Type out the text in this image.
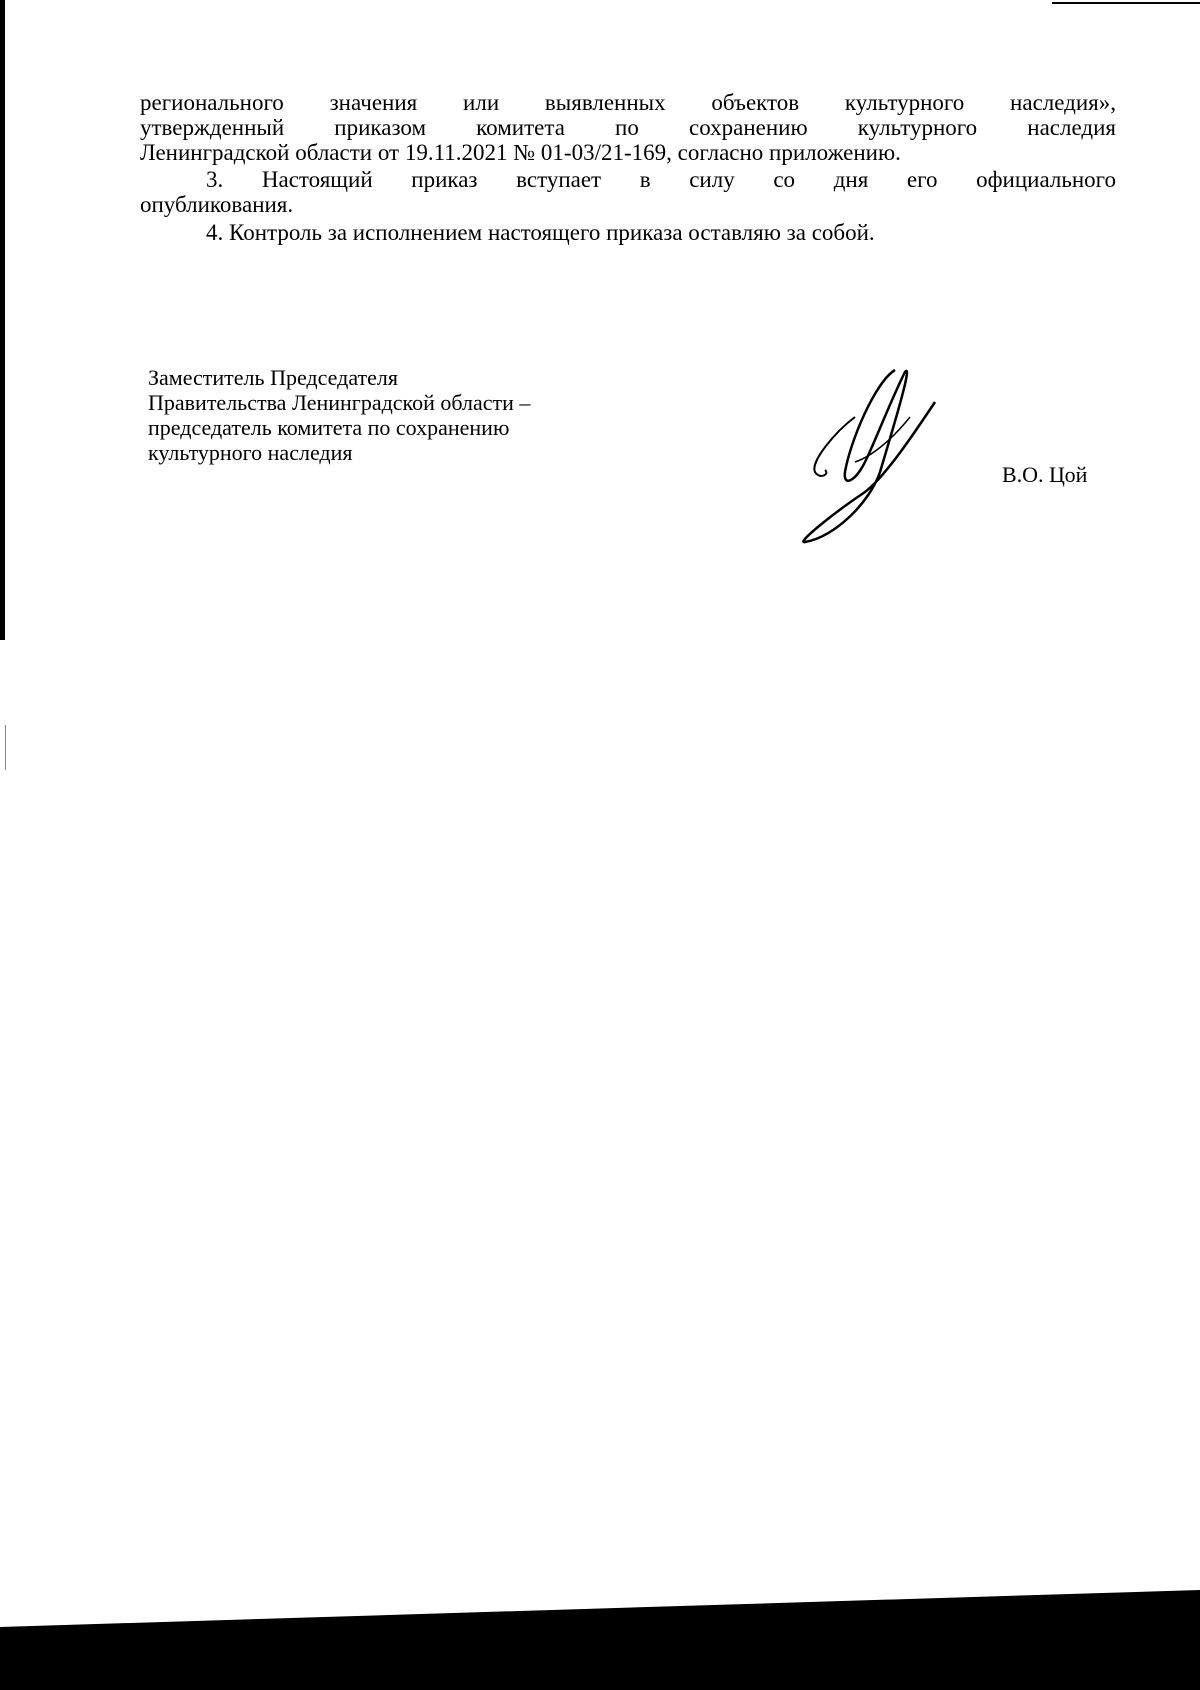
регионального значения или выявленных объектов культурного наследия»,
утвержденный приказом комитета по сохранению культурного наследия
Ленинградской области от 19.11.2021 № 01-03/21-169, согласно приложению.
3. Настоящий приказ вступает в силу со дня его официального
опубликования.
4. Контроль за исполнением настоящего приказа оставляю за собой.
Заместитель Председателя
Правительства Ленинградской области –
председатель комитета по сохранению
культурного наследия
В.О. Цой
